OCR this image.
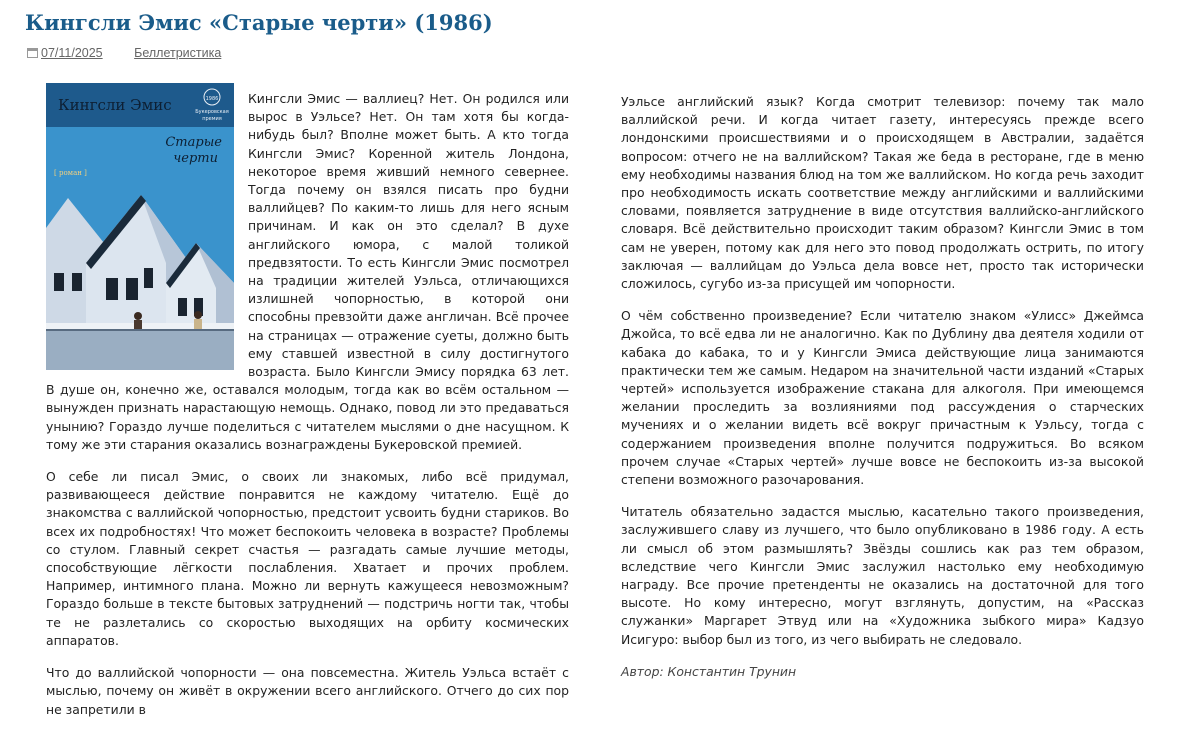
Кингсли Эмис «Старые черти» (1986)
07/11/2025	Беллетристика
Кингсли Эмис	1986
Букеровская
премия
Старые
черти
[ роман ]

Кингсли Эмис — валлиец? Нет. Он родился или вырос в Уэльсе? Нет. Он там хотя бы когда-нибудь был? Вполне может быть. А кто тогда Кингсли Эмис? Коренной житель Лондона, некоторое время живший немного севернее. Тогда почему он взялся писать про будни валлийцев? По каким-то лишь для него ясным причинам. И как он это сделал? В духе английского юмора, с малой толикой предвзятости. То есть Кингсли Эмис посмотрел на традиции жителей Уэльса, отличающихся излишней чопорностью, в которой они способны превзойти даже англичан. Всё прочее на страницах — отражение суеты, должно быть ему ставшей известной в силу достигнутого возраста. Было Кингсли Эмису порядка 63 лет. В душе он, конечно же, оставался молодым, тогда как во всём остальном — вынужден признать нарастающую немощь. Однако, повод ли это предаваться унынию? Гораздо лучше поделиться с читателем мыслями о дне насущном. К тому же эти старания оказались вознаграждены Букеровской премией.

О себе ли писал Эмис, о своих ли знакомых, либо всё придумал, развивающееся действие понравится не каждому читателю. Ещё до знакомства с валлийской чопорностью, предстоит усвоить будни стариков. Во всех их подробностях! Что может беспокоить человека в возрасте? Проблемы со стулом. Главный секрет счастья — разгадать самые лучшие методы, способствующие лёгкости послабления. Хватает и прочих проблем. Например, интимного плана. Можно ли вернуть кажущееся невозможным? Гораздо больше в тексте бытовых затруднений — подстричь ногти так, чтобы те не разлетались со скоростью выходящих на орбиту космических аппаратов.

Что до валлийской чопорности — она повсеместна. Житель Уэльса встаёт с мыслью, почему он живёт в окружении всего английского. Отчего до сих пор не запретили в

Уэльсе английский язык? Когда смотрит телевизор: почему так мало валлийской речи. И когда читает газету, интересуясь прежде всего лондонскими происшествиями и о происходящем в Австралии, задаётся вопросом: отчего не на валлийском? Такая же беда в ресторане, где в меню ему необходимы названия блюд на том же валлийском. Но когда речь заходит про необходимость искать соответствие между английскими и валлийскими словами, появляется затруднение в виде отсутствия валлийско-английского словаря. Всё действительно происходит таким образом? Кингсли Эмис в том сам не уверен, потому как для него это повод продолжать острить, по итогу заключая — валлийцам до Уэльса дела вовсе нет, просто так исторически сложилось, сугубо из-за присущей им чопорности.

О чём собственно произведение? Если читателю знаком «Улисс» Джеймса Джойса, то всё едва ли не аналогично. Как по Дублину два деятеля ходили от кабака до кабака, то и у Кингсли Эмиса действующие лица занимаются практически тем же самым. Недаром на значительной части изданий «Старых чертей» используется изображение стакана для алкоголя. При имеющемся желании проследить за возлияниями под рассуждения о старческих мучениях и о желании видеть всё вокруг причастным к Уэльсу, тогда с содержанием произведения вполне получится подружиться. Во всяком прочем случае «Старых чертей» лучше вовсе не беспокоить из-за высокой степени возможного разочарования.

Читатель обязательно задастся мыслью, касательно такого произведения, заслужившего славу из лучшего, что было опубликовано в 1986 году. А есть ли смысл об этом размышлять? Звёзды сошлись как раз тем образом, вследствие чего Кингсли Эмис заслужил настолько ему необходимую награду. Все прочие претенденты не оказались на достаточной для того высоте. Но кому интересно, могут взглянуть, допустим, на «Рассказ служанки» Маргарет Этвуд или на «Художника зыбкого мира» Кадзуо Исигуро: выбор был из того, из чего выбирать не следовало.

Автор: Константин Трунин
